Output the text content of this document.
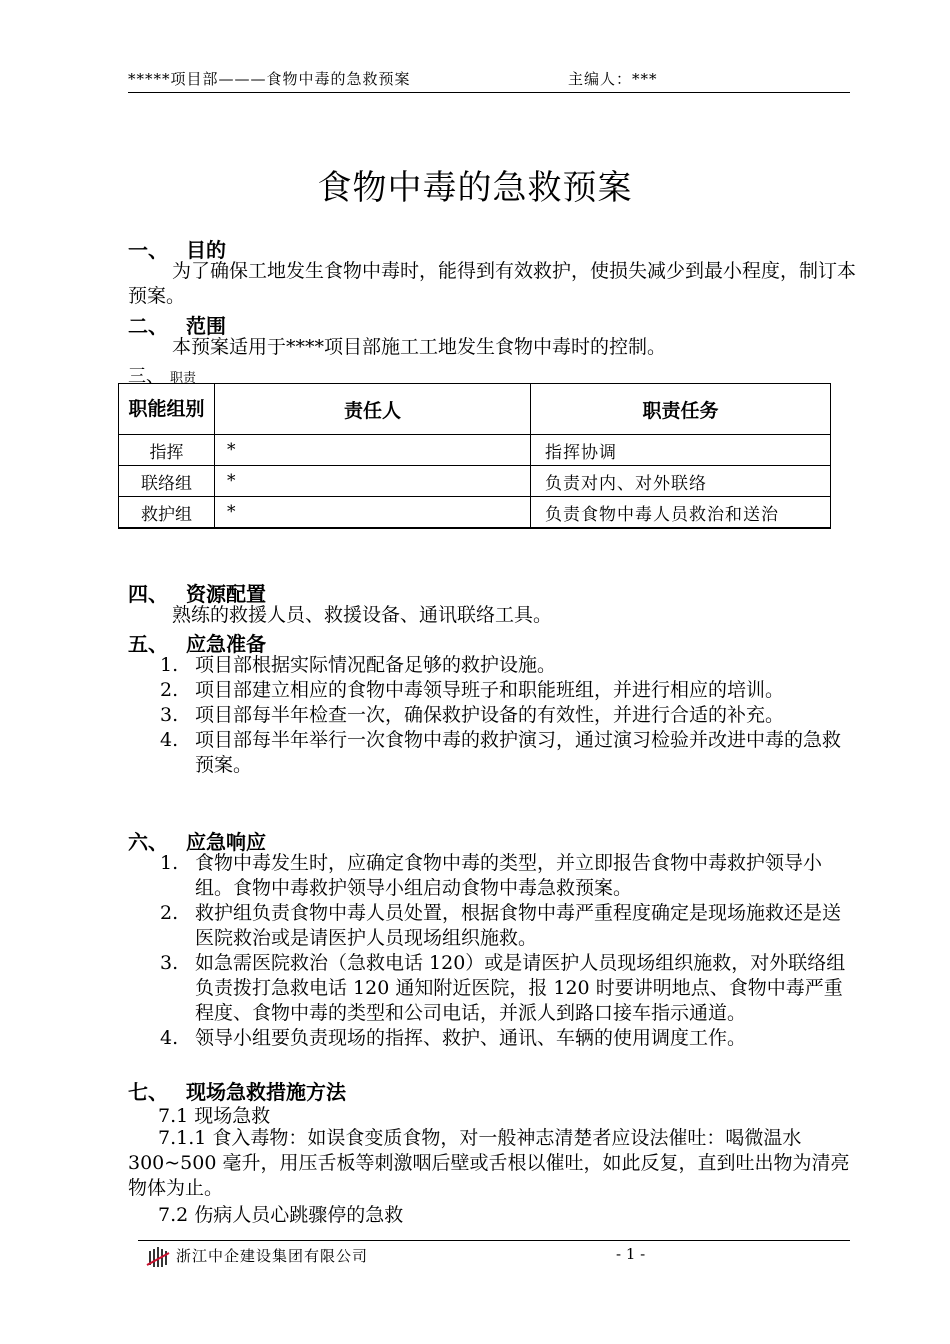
*****项目部———食物中毒的急救预案	主编人：***
食物中毒的急救预案
一、 目的
为了确保工地发生食物中毒时，能得到有效救护，使损失减少到最小程度，制订本预案。
二、 范围
本预案适用于****项目部施工工地发生食物中毒时的控制。
三、 职责
职能组别	责任人	职责任务
指挥	*	指挥协调
联络组	*	负责对内、对外联络
救护组	*	负责食物中毒人员救治和送治
四、 资源配置
熟练的救援人员、救援设备、通讯联络工具。
五、 应急准备
1. 项目部根据实际情况配备足够的救护设施。
2. 项目部建立相应的食物中毒领导班子和职能班组，并进行相应的培训。
3. 项目部每半年检查一次，确保救护设备的有效性，并进行合适的补充。
4. 项目部每半年举行一次食物中毒的救护演习，通过演习检验并改进中毒的急救预案。
六、 应急响应
1. 食物中毒发生时，应确定食物中毒的类型，并立即报告食物中毒救护领导小组。食物中毒救护领导小组启动食物中毒急救预案。
2. 救护组负责食物中毒人员处置，根据食物中毒严重程度确定是现场施救还是送医院救治或是请医护人员现场组织施救。
3. 如急需医院救治（急救电话 120）或是请医护人员现场组织施救，对外联络组负责拨打急救电话 120 通知附近医院，报 120 时要讲明地点、食物中毒严重程度、食物中毒的类型和公司电话，并派人到路口接车指示通道。
4. 领导小组要负责现场的指挥、救护、通讯、车辆的使用调度工作。
七、 现场急救措施方法
7.1 现场急救
7.1.1 食入毒物：如误食变质食物，对一般神志清楚者应设法催吐：喝微温水 300~500 毫升，用压舌板等刺激咽后壁或舌根以催吐，如此反复，直到吐出物为清亮物体为止。
7.2 伤病人员心跳骤停的急救
浙江中企建设集团有限公司	- 1 -
